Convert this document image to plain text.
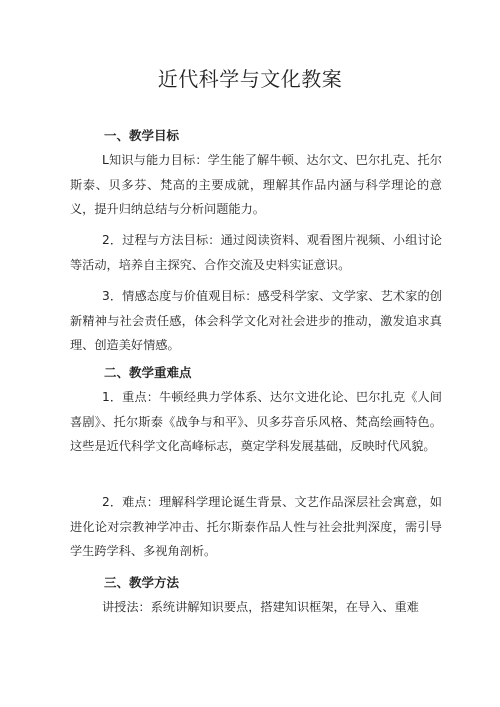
近代科学与文化教案
一、教学目标
L知识与能力目标：学生能了解牛顿、达尔文、巴尔扎克、托尔斯泰、贝多芬、梵高的主要成就，理解其作品内涵与科学理论的意义，提升归纳总结与分析问题能力。
2．过程与方法目标：通过阅读资料、观看图片视频、小组讨论等活动，培养自主探究、合作交流及史料实证意识。
3．情感态度与价值观目标：感受科学家、文学家、艺术家的创新精神与社会责任感，体会科学文化对社会进步的推动，激发追求真理、创造美好情感。
二、教学重难点
1．重点：牛顿经典力学体系、达尔文进化论、巴尔扎克《人间喜剧》、托尔斯泰《战争与和平》、贝多芬音乐风格、梵高绘画特色。这些是近代科学文化高峰标志，奠定学科发展基础，反映时代风貌。
2．难点：理解科学理论诞生背景、文艺作品深层社会寓意，如进化论对宗教神学冲击、托尔斯泰作品人性与社会批判深度，需引导学生跨学科、多视角剖析。
三、教学方法
讲授法：系统讲解知识要点，搭建知识框架，在导入、重难
